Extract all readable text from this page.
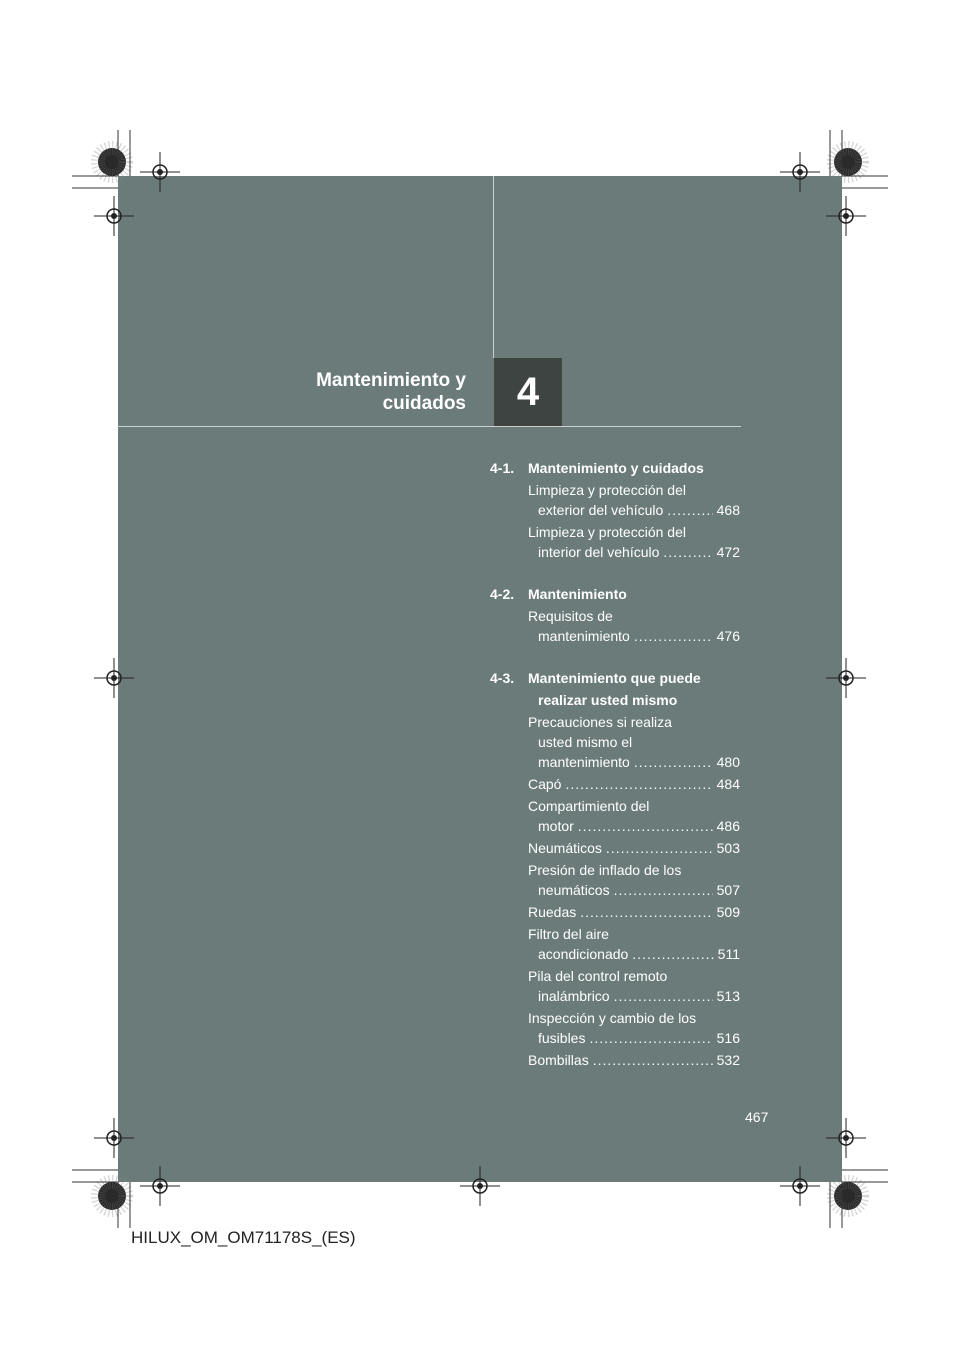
HILUX_OM_OM71178S_(ES).book Page 467 Wednesday, May 16, 2012 3:09 PM
Mantenimiento y
cuidados	4
4-1. Mantenimiento y cuidados
Limpieza y protección del
exterior del vehículo .....	468
Limpieza y protección del
interior del vehículo .....	472
4-2. Mantenimiento
Requisitos de
mantenimiento .....	476
4-3. Mantenimiento que puede
realizar usted mismo
Precauciones si realiza
usted mismo el
mantenimiento .....	480
Capó .....	484
Compartimiento del
motor .....	486
Neumáticos .....	503
Presión de inflado de los
neumáticos .....	507
Ruedas .....	509
Filtro del aire
acondicionado .....	511
Pila del control remoto
inalámbrico .....	513
Inspección y cambio de los
fusibles .....	516
Bombillas .....	532
467
HILUX_OM_OM71178S_(ES)
